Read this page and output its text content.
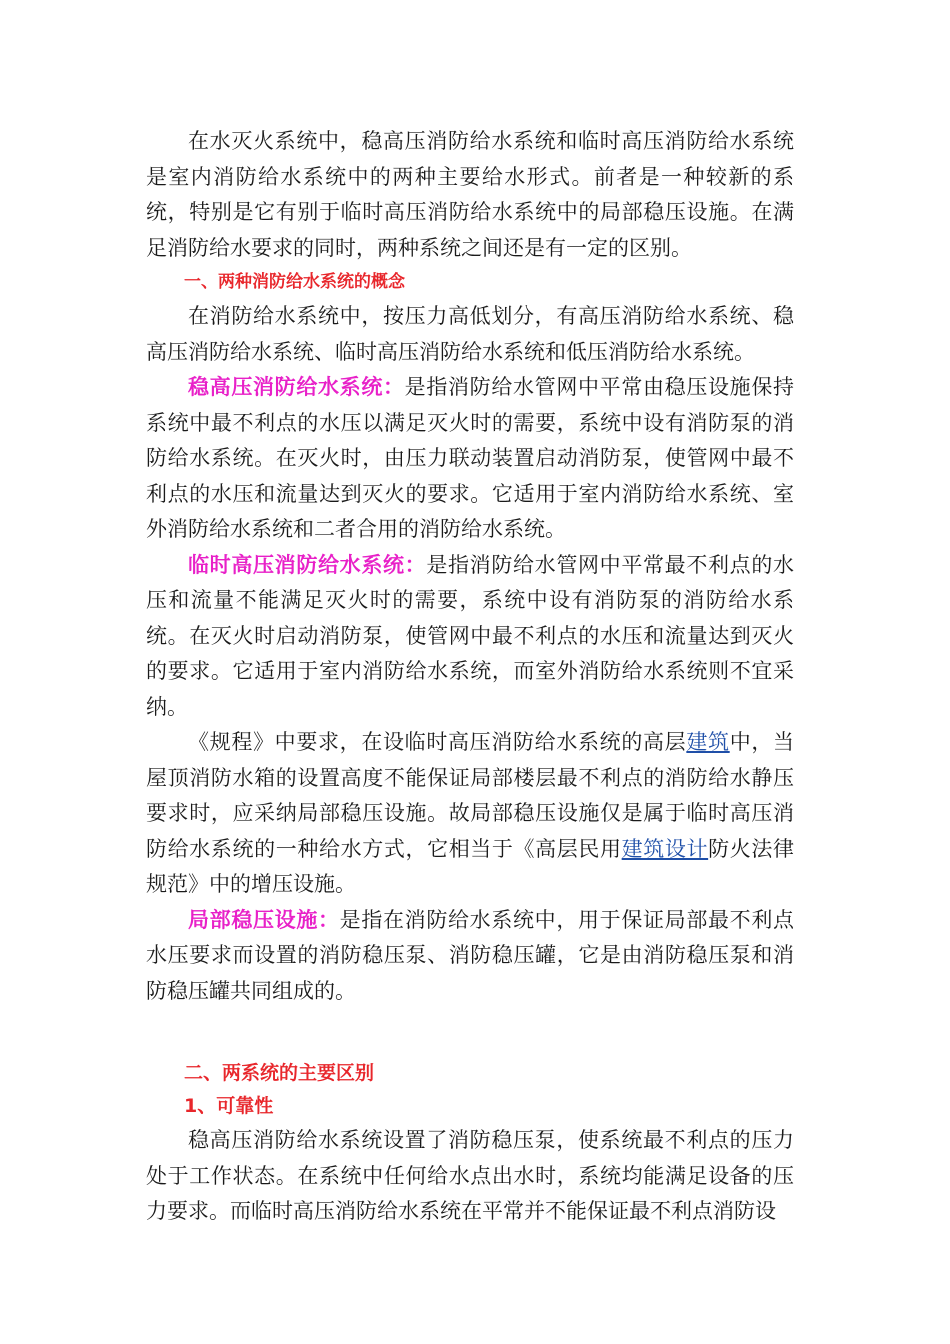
在水灭火系统中，稳高压消防给水系统和临时高压消防给水系统是室内消防给水系统中的两种主要给水形式。前者是一种较新的系统，特别是它有别于临时高压消防给水系统中的局部稳压设施。在满足消防给水要求的同时，两种系统之间还是有一定的区别。

一、两种消防给水系统的概念

在消防给水系统中，按压力高低划分，有高压消防给水系统、稳高压消防给水系统、临时高压消防给水系统和低压消防给水系统。

稳高压消防给水系统：是指消防给水管网中平常由稳压设施保持系统中最不利点的水压以满足灭火时的需要，系统中设有消防泵的消防给水系统。在灭火时，由压力联动装置启动消防泵，使管网中最不利点的水压和流量达到灭火的要求。它适用于室内消防给水系统、室外消防给水系统和二者合用的消防给水系统。

临时高压消防给水系统：是指消防给水管网中平常最不利点的水压和流量不能满足灭火时的需要，系统中设有消防泵的消防给水系统。在灭火时启动消防泵，使管网中最不利点的水压和流量达到灭火的要求。它适用于室内消防给水系统，而室外消防给水系统则不宜采纳。

《规程》中要求，在设临时高压消防给水系统的高层建筑中，当屋顶消防水箱的设置高度不能保证局部楼层最不利点的消防给水静压要求时，应采纳局部稳压设施。故局部稳压设施仅是属于临时高压消防给水系统的一种给水方式，它相当于《高层民用建筑设计防火法律规范》中的增压设施。

局部稳压设施：是指在消防给水系统中，用于保证局部最不利点水压要求而设置的消防稳压泵、消防稳压罐，它是由消防稳压泵和消防稳压罐共同组成的。

二、两系统的主要区别

1、可靠性

稳高压消防给水系统设置了消防稳压泵，使系统最不利点的压力处于工作状态。在系统中任何给水点出水时，系统均能满足设备的压力要求。而临时高压消防给水系统在平常并不能保证最不利点消防设
